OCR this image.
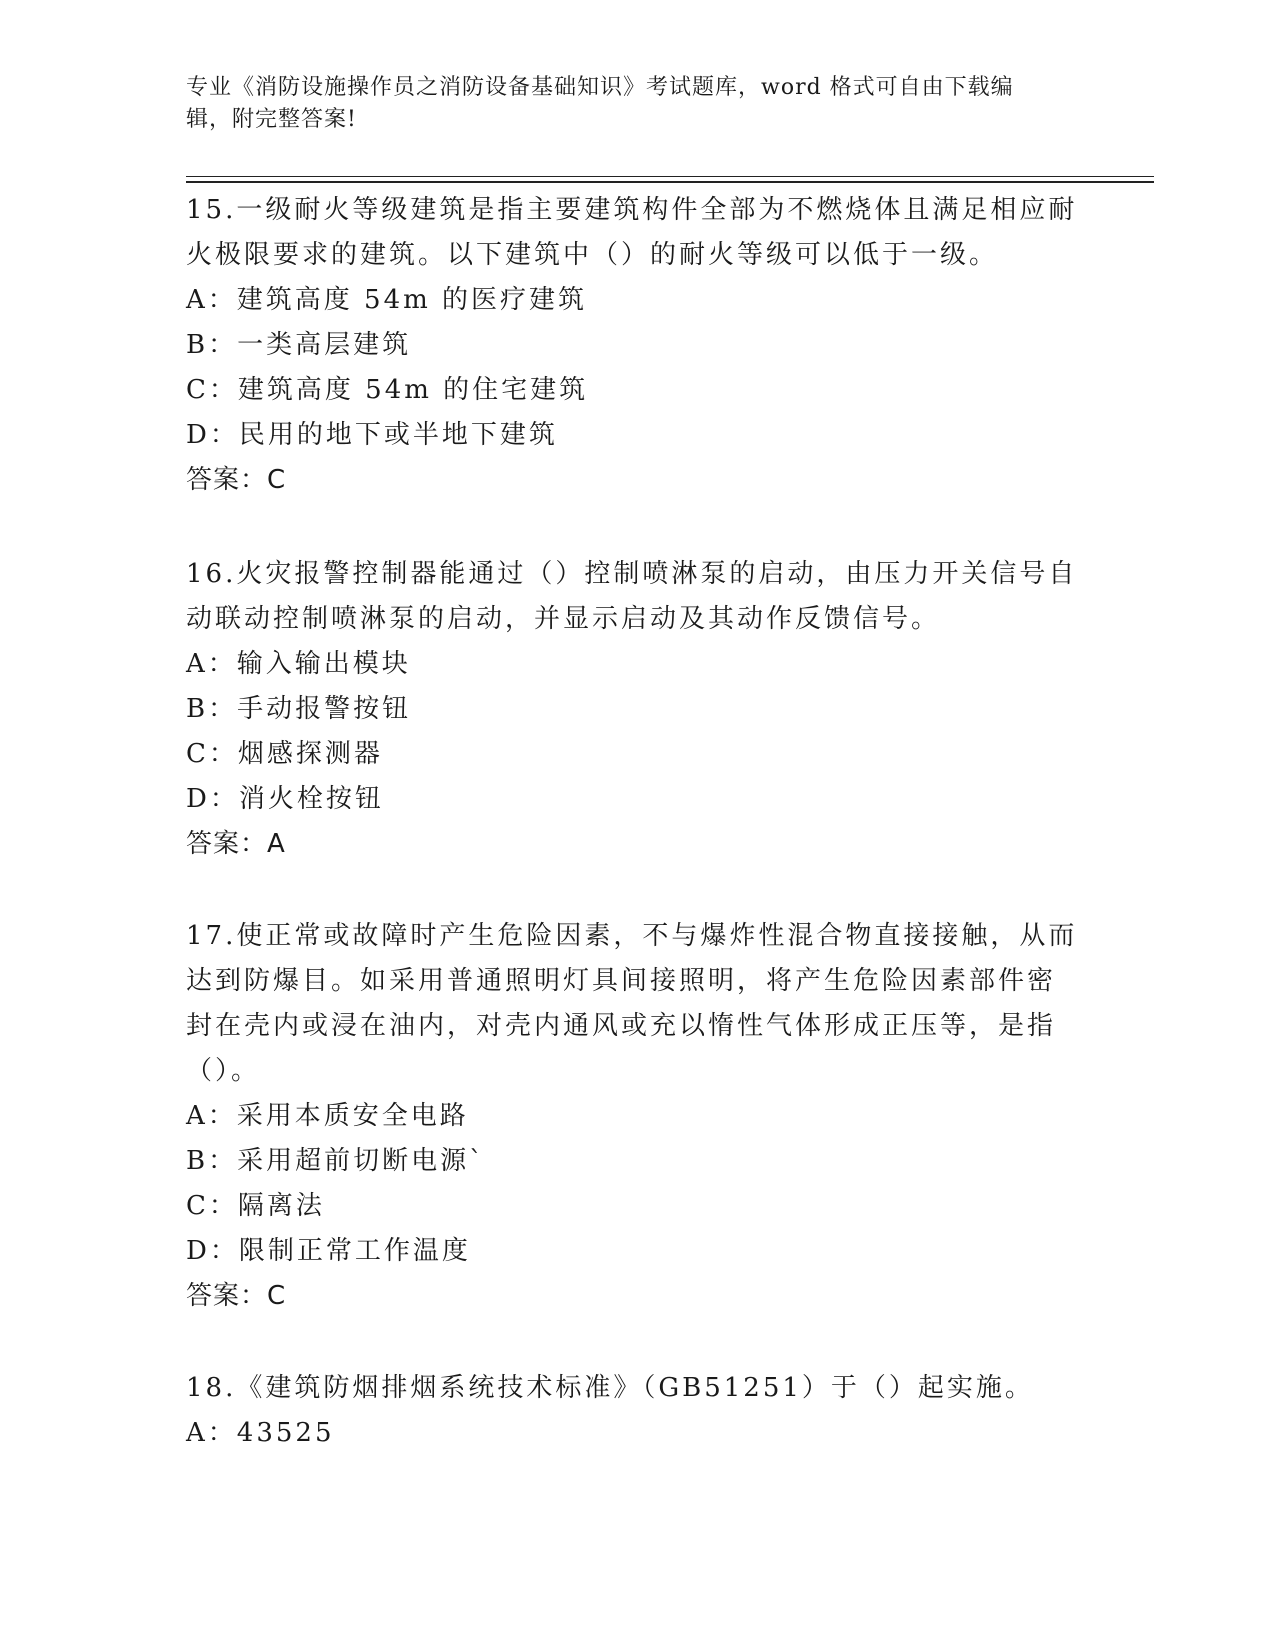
专业《消防设施操作员之消防设备基础知识》考试题库，word 格式可自由下载编
辑，附完整答案!

15.一级耐火等级建筑是指主要建筑构件全部为不燃烧体且满足相应耐

火极限要求的建筑。以下建筑中（）的耐火等级可以低于一级。

A：建筑高度 54m 的医疗建筑

B：一类高层建筑

C：建筑高度 54m 的住宅建筑

D：民用的地下或半地下建筑

答案：C

16.火灾报警控制器能通过（）控制喷淋泵的启动，由压力开关信号自

动联动控制喷淋泵的启动，并显示启动及其动作反馈信号。

A：输入输出模块

B：手动报警按钮

C：烟感探测器

D：消火栓按钮

答案：A

17.使正常或故障时产生危险因素，不与爆炸性混合物直接接触，从而

达到防爆目。如采用普通照明灯具间接照明，将产生危险因素部件密

封在壳内或浸在油内，对壳内通风或充以惰性气体形成正压等，是指

（）。

A：采用本质安全电路

B：采用超前切断电源`

C：隔离法

D：限制正常工作温度

答案：C

18.《建筑防烟排烟系统技术标准》（GB51251）于（）起实施。

A：43525
